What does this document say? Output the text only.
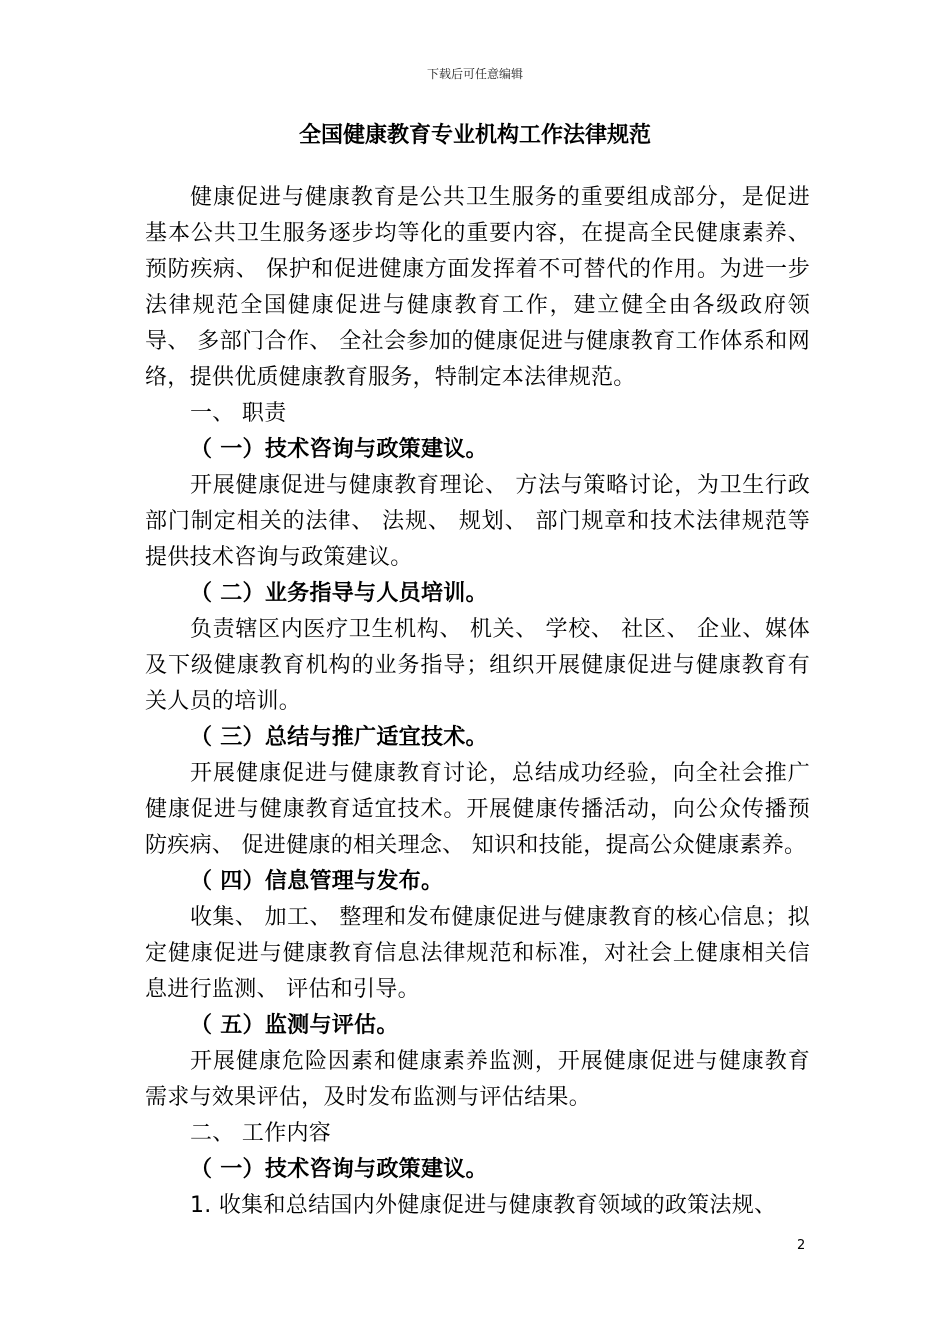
下载后可任意编辑
全国健康教育专业机构工作法律规范

健康促进与健康教育是公共卫生服务的重要组成部分，是促进基本公共卫生服务逐步均等化的重要内容，在提高全民健康素养、 预防疾病、 保护和促进健康方面发挥着不可替代的作用。为进一步法律规范全国健康促进与健康教育工作，建立健全由各级政府领导、 多部门合作、 全社会参加的健康促进与健康教育工作体系和网络，提供优质健康教育服务，特制定本法律规范。

一、 职责

（ 一）技术咨询与政策建议。

开展健康促进与健康教育理论、 方法与策略讨论，为卫生行政部门制定相关的法律、 法规、 规划、 部门规章和技术法律规范等提供技术咨询与政策建议。

（ 二）业务指导与人员培训。

负责辖区内医疗卫生机构、 机关、 学校、 社区、 企业、媒体及下级健康教育机构的业务指导；组织开展健康促进与健康教育有关人员的培训。

（ 三）总结与推广适宜技术。

开展健康促进与健康教育讨论，总结成功经验，向全社会推广健康促进与健康教育适宜技术。开展健康传播活动，向公众传播预防疾病、 促进健康的相关理念、 知识和技能，提高公众健康素养。

（ 四）信息管理与发布。

收集、 加工、 整理和发布健康促进与健康教育的核心信息；拟定健康促进与健康教育信息法律规范和标准，对社会上健康相关信息进行监测、 评估和引导。

（ 五）监测与评估。

开展健康危险因素和健康素养监测，开展健康促进与健康教育需求与效果评估，及时发布监测与评估结果。

二、 工作内容

（ 一）技术咨询与政策建议。

1. 收集和总结国内外健康促进与健康教育领域的政策法规、

2
